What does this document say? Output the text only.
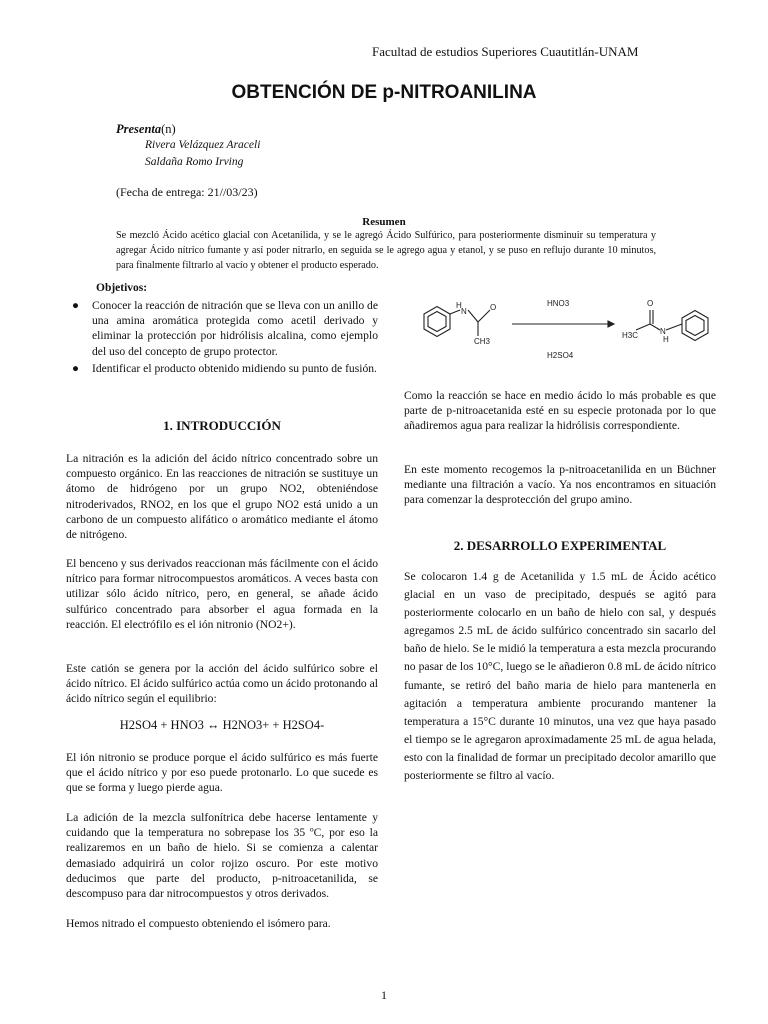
Facultad de estudios Superiores Cuautitlán-UNAM
OBTENCIÓN DE p-NITROANILINA
Presenta(n)
Rivera Velázquez Araceli
Saldaña Romo Irving
(Fecha de entrega: 21//03/23)
Resumen
Se mezcló Ácido acético glacial con Acetanilida, y se le agregó Ácido Sulfúrico, para posteriormente disminuir su temperatura y agregar Ácido nítrico fumante y así poder nitrarlo, en seguida se le agrego agua y etanol, y se puso en reflujo durante 10 minutos, para finalmente filtrarlo al vacío y obtener el producto esperado.
Objetivos:
● Conocer la reacción de nitración que se lleva con un anillo de una amina aromática protegida como acetil derivado y eliminar la protección por hidrólisis alcalina, como ejemplo del uso del concepto de grupo protector.
● Identificar el producto obtenido midiendo su punto de fusión.
1. INTRODUCCIÓN
La nitración es la adición del ácido nítrico concentrado sobre un compuesto orgánico. En las reacciones de nitración se sustituye un átomo de hidrógeno por un grupo NO2, obteniéndose nitroderivados, RNO2, en los que el grupo NO2 está unido a un carbono de un compuesto alifático o aromático mediante el átomo de nitrógeno.
El benceno y sus derivados reaccionan más fácilmente con el ácido nítrico para formar nitrocompuestos aromáticos. A veces basta con utilizar sólo ácido nítrico, pero, en general, se añade ácido sulfúrico concentrado para absorber el agua formada en la reacción. El electrófilo es el ión nitronio (NO2+).
Este catión se genera por la acción del ácido sulfúrico sobre el ácido nítrico. El ácido sulfúrico actúa como un ácido protonando al ácido nítrico según el equilibrio:
H2SO4 + HNO3 ↔ H2NO3+ + H2SO4-
El ión nitronio se produce porque el ácido sulfúrico es más fuerte que el ácido nítrico y por eso puede protonarlo. Lo que sucede es que se forma y luego pierde agua.
La adición de la mezcla sulfonítrica debe hacerse lentamente y cuidando que la temperatura no sobrepase los 35 ºC, por eso la realizaremos en un baño de hielo. Si se comienza a calentar demasiado adquirirá un color rojizo oscuro. Por este motivo deducimos que parte del producto, p-nitroacetanilida, se descompuso para dar nitrocompuestos y otros derivados.
Hemos nitrado el compuesto obteniendo el isómero para.
H
N	O
CH3
HNO3
H2SO4
O
H3C	N
H
Como la reacción se hace en medio ácido lo más probable es que parte de p-nitroacetanida esté en su especie protonada por lo que añadiremos agua para realizar la hidrólisis correspondiente.
En este momento recogemos la p-nitroacetanilida en un Büchner mediante una filtración a vacío. Ya nos encontramos en situación para comenzar la desprotección del grupo amino.
2. DESARROLLO EXPERIMENTAL
Se colocaron 1.4 g de Acetanilida y 1.5 mL de Ácido acético glacial en un vaso de precipitado, después se agitó para posteriormente colocarlo en un baño de hielo con sal, y después agregamos 2.5 mL de ácido sulfúrico concentrado sin sacarlo del baño de hielo. Se le midió la temperatura a esta mezcla procurando no pasar de los 10°C, luego se le añadieron 0.8 mL de ácido nítrico fumante, se retiró del baño maria de hielo para mantenerla en agitación a temperatura ambiente procurando mantener la temperatura a 15°C durante 10 minutos, una vez que haya pasado el tiempo se le agregaron aproximadamente 25 mL de agua helada, esto con la finalidad de formar un precipitado decolor amarillo que posteriormente se filtro al vacío.
1
